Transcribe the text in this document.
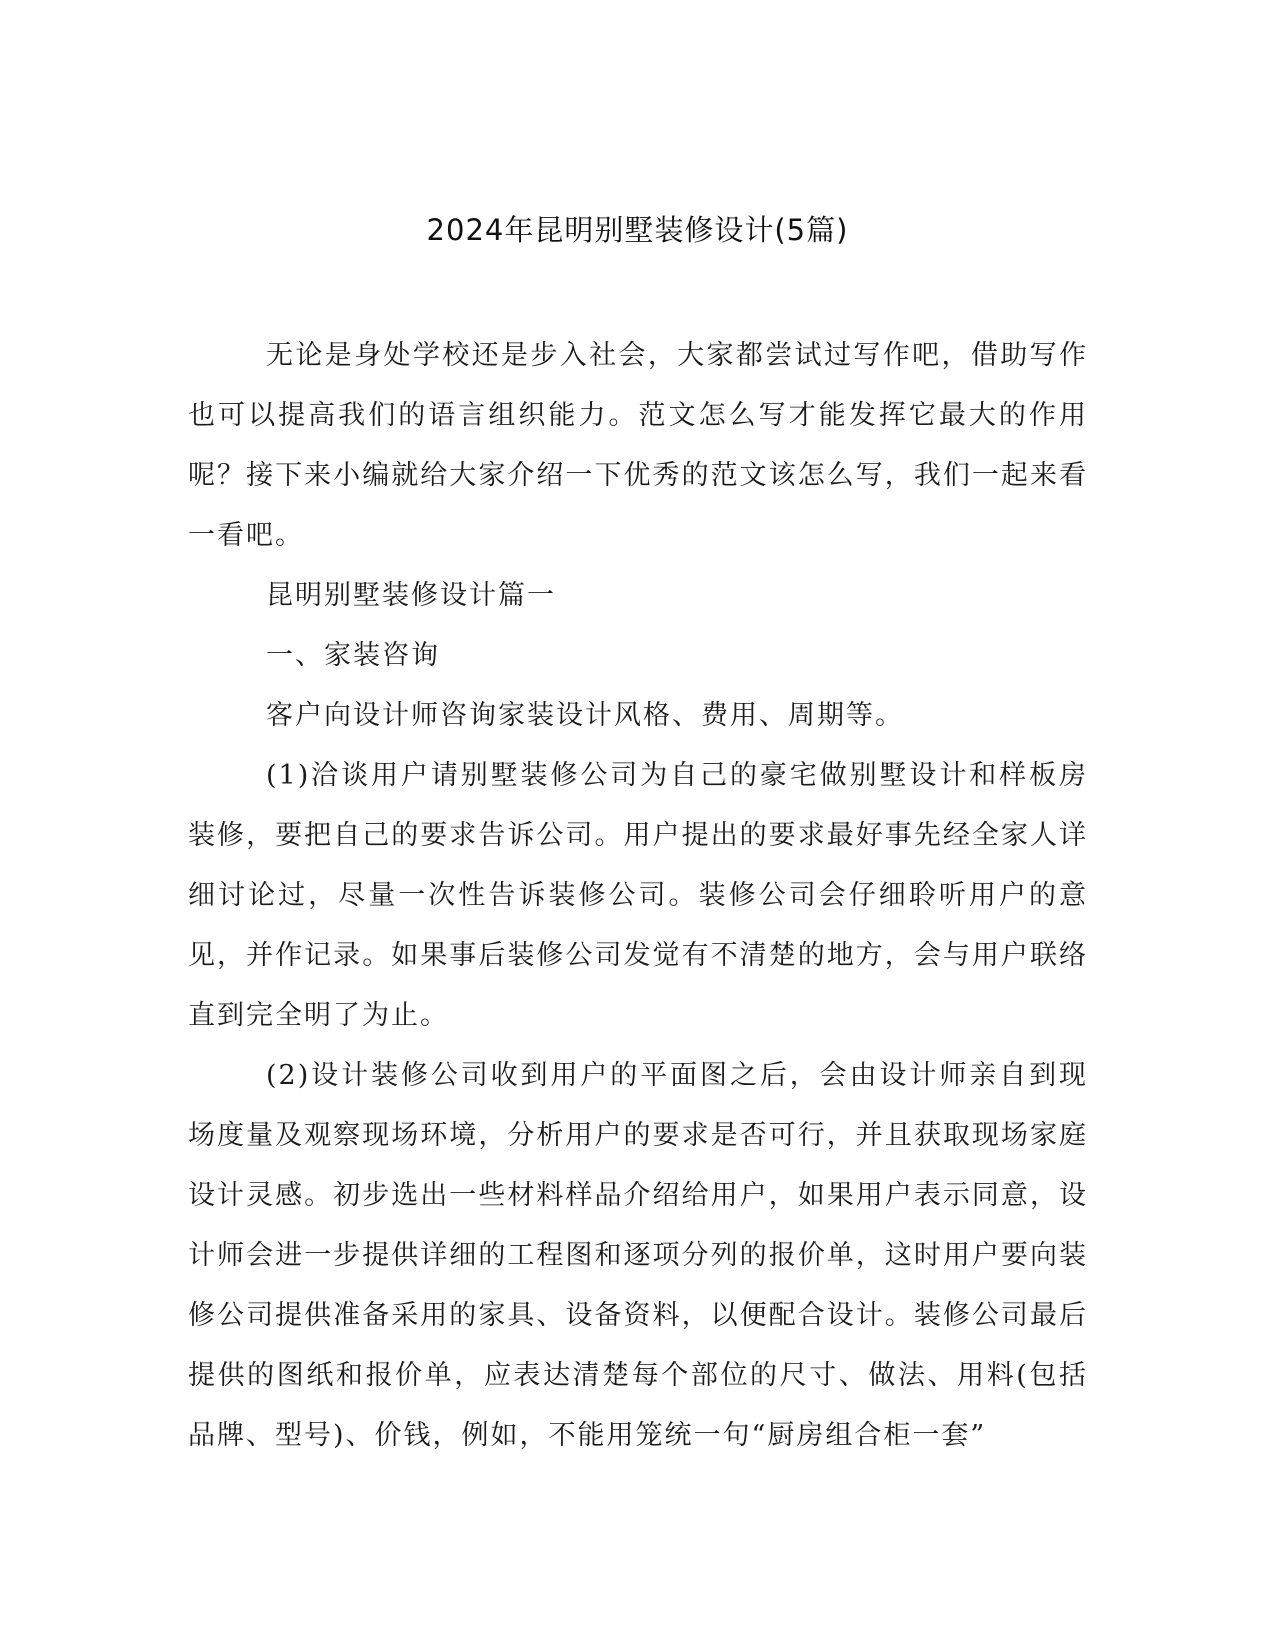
2024年昆明别墅装修设计(5篇)

无论是身处学校还是步入社会，大家都尝试过写作吧，借助写作也可以提高我们的语言组织能力。范文怎么写才能发挥它最大的作用呢？接下来小编就给大家介绍一下优秀的范文该怎么写，我们一起来看一看吧。

昆明别墅装修设计篇一

一、家装咨询

客户向设计师咨询家装设计风格、费用、周期等。

(1)洽谈用户请别墅装修公司为自己的豪宅做别墅设计和样板房装修，要把自己的要求告诉公司。用户提出的要求最好事先经全家人详细讨论过，尽量一次性告诉装修公司。装修公司会仔细聆听用户的意见，并作记录。如果事后装修公司发觉有不清楚的地方，会与用户联络直到完全明了为止。

(2)设计装修公司收到用户的平面图之后，会由设计师亲自到现场度量及观察现场环境，分析用户的要求是否可行，并且获取现场家庭设计灵感。初步选出一些材料样品介绍给用户，如果用户表示同意，设计师会进一步提供详细的工程图和逐项分列的报价单，这时用户要向装修公司提供准备采用的家具、设备资料，以便配合设计。装修公司最后提供的图纸和报价单，应表达清楚每个部位的尺寸、做法、用料(包括品牌、型号)、价钱，例如，不能用笼统一句“厨房组合柜一套”
